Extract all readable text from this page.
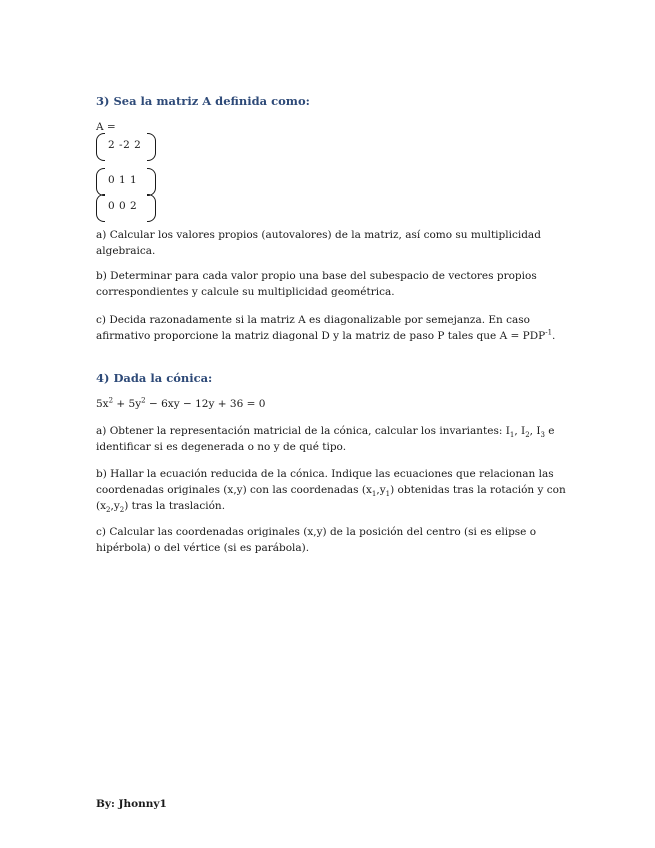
3) Sea la matriz A definida como:
A =
2 -2 2
0 1 1
0 0 2
a) Calcular los valores propios (autovalores) de la matriz, así como su multiplicidad algebraica.
b) Determinar para cada valor propio una base del subespacio de vectores propios correspondientes y calcule su multiplicidad geométrica.
c) Decida razonadamente si la matriz A es diagonalizable por semejanza. En caso afirmativo proporcione la matriz diagonal D y la matriz de paso P tales que $A = PDP^{-1}$.
4) Dada la cónica:
$5x^2 + 5y^2 - 6xy - 12y + 36 = 0$
a) Obtener la representación matricial de la cónica, calcular los invariantes: $I_1$, $I_2$, $I_3$ e identificar si es degenerada o no y de qué tipo.
b) Hallar la ecuación reducida de la cónica. Indique las ecuaciones que relacionan las coordenadas originales (x,y) con las coordenadas $(x_1,y_1)$ obtenidas tras la rotación y con $(x_2,y_2)$ tras la traslación.
c) Calcular las coordenadas originales (x,y) de la posición del centro (si es elipse o hipérbola) o del vértice (si es parábola).
By: Jhonny1
